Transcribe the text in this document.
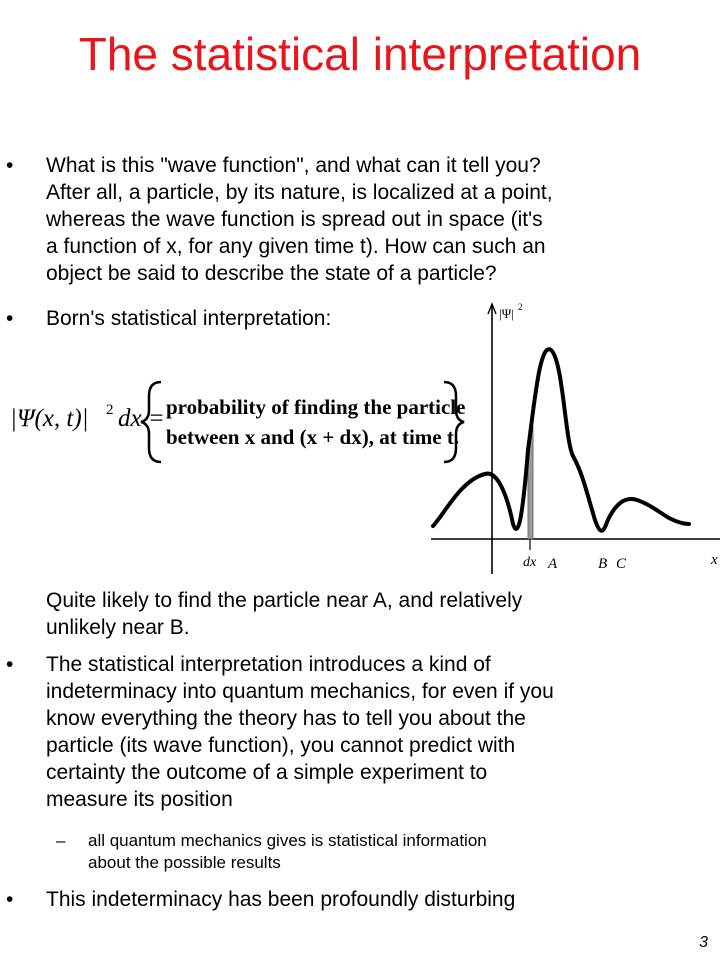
The statistical interpretation
• What is this "wave function", and what can it tell you?
After all, a particle, by its nature, is localized at a point,
whereas the wave function is spread out in space (it's
a function of x, for any given time t). How can such an
object be said to describe the state of a particle?
• Born's statistical interpretation:
|Ψ(x, t)| 2 dx = probability of finding the particle
between x and (x + dx), at time t.
|Ψ| 2
x
dx A	B C
Quite likely to find the particle near A, and relatively
unlikely near B.
• The statistical interpretation introduces a kind of
indeterminacy into quantum mechanics, for even if you
know everything the theory has to tell you about the
particle (its wave function), you cannot predict with
certainty the outcome of a simple experiment to
measure its position
– all quantum mechanics gives is statistical information
about the possible results
• This indeterminacy has been profoundly disturbing
3
